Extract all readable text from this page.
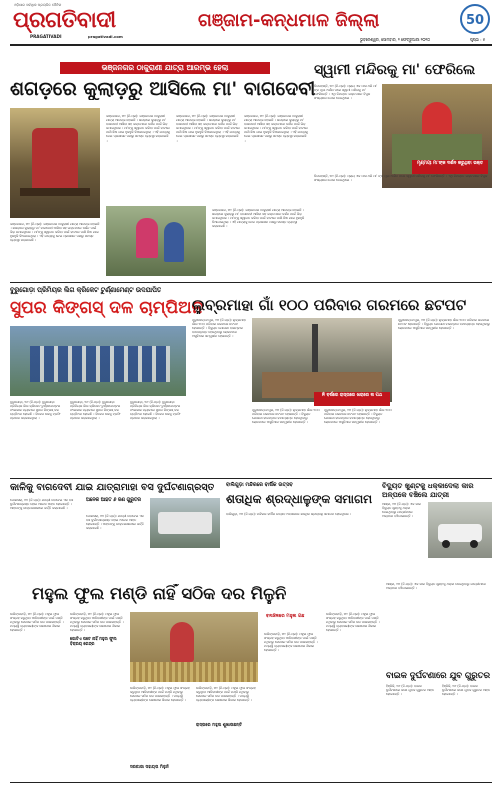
ଓଡ଼ିଶାର ସର୍ବାଧିକ ପ୍ରଚାରିତ ଦୈନିକ
ପ୍ରଗତିବାଦୀ
PRAGATIVADI	pragativadi.com
ଗଞ୍ଜାମ-କନ୍ଧମାଳ ଜିଲ୍ଲା	50
ଭୁବନେଶ୍ୱର, ସୋମବାର, ୨ ଫେବ୍ରୁଆରୀ ୨୦୨୦	ପୃଷ୍ଠା : ୫
ଭଞ୍ଜନଗର ଠାକୁରାଣୀ ଯାତ୍ରା ଆରମ୍ଭ ହେଲା
ଶଗଡ଼ରେ କୁଲାଡ଼ରୁ ଆସିଲେ ମା' ବାଗଦେବୀ
ଭଞ୍ଜନଗର, ୧ା୨ (ନି.ପ୍ର): ଭଞ୍ଜନଗର ଠାକୁରାଣୀ ଯାତ୍ରା ଆରମ୍ଭ ହୋଇଛି । ଶଗଡ଼ରେ କୁଲାଡ଼ରୁ ମା' ବାଗଦେବୀ ଆସିବା ସହ ଭକ୍ତମାନେ ଦର୍ଶନ ପାଇଁ ଭିଡ଼ ଜମାଇଥିଲେ । ମା'ଙ୍କୁ ସ୍ୱାଗତ କରିବା ପାଇଁ ବାଟରେ ପାଣି ଛିଞ୍ଚା ଯାଇ ହୁଳହୁଳି ଦିଆଯାଇଥିଲା । ଏହି ଯାତ୍ରାକୁ ନେଇ ପ୍ରଶାସନ ପକ୍ଷରୁ ସମସ୍ତ ବ୍ୟବସ୍ଥା କରାଯାଇଛି ।
ଭଞ୍ଜନଗର, ୧ା୨ (ନି.ପ୍ର): ଭଞ୍ଜନଗର ଠାକୁରାଣୀ ଯାତ୍ରା ଆରମ୍ଭ ହୋଇଛି । ଶଗଡ଼ରେ କୁଲାଡ଼ରୁ ମା' ବାଗଦେବୀ ଆସିବା ସହ ଭକ୍ତମାନେ ଦର୍ଶନ ପାଇଁ ଭିଡ଼ ଜମାଇଥିଲେ । ମା'ଙ୍କୁ ସ୍ୱାଗତ କରିବା ପାଇଁ ବାଟରେ ପାଣି ଛିଞ୍ଚା ଯାଇ ହୁଳହୁଳି ଦିଆଯାଇଥିଲା । ଏହି ଯାତ୍ରାକୁ ନେଇ ପ୍ରଶାସନ ପକ୍ଷରୁ ସମସ୍ତ ବ୍ୟବସ୍ଥା କରାଯାଇଛି ।
ଭଞ୍ଜନଗର, ୧ା୨ (ନି.ପ୍ର): ଭଞ୍ଜନଗର ଠାକୁରାଣୀ ଯାତ୍ରା ଆରମ୍ଭ ହୋଇଛି । ଶଗଡ଼ରେ କୁଲାଡ଼ରୁ ମା' ବାଗଦେବୀ ଆସିବା ସହ ଭକ୍ତମାନେ ଦର୍ଶନ ପାଇଁ ଭିଡ଼ ଜମାଇଥିଲେ । ମା'ଙ୍କୁ ସ୍ୱାଗତ କରିବା ପାଇଁ ବାଟରେ ପାଣି ଛିଞ୍ଚା ଯାଇ ହୁଳହୁଳି ଦିଆଯାଇଥିଲା । ଏହି ଯାତ୍ରାକୁ ନେଇ ପ୍ରଶାସନ ପକ୍ଷରୁ ସମସ୍ତ ବ୍ୟବସ୍ଥା କରାଯାଇଛି ।
ଭଞ୍ଜନଗର, ୧ା୨ (ନି.ପ୍ର): ଭଞ୍ଜନଗର ଠାକୁରାଣୀ ଯାତ୍ରା ଆରମ୍ଭ ହୋଇଛି । ଶଗଡ଼ରେ କୁଲାଡ଼ରୁ ମା' ବାଗଦେବୀ ଆସିବା ସହ ଭକ୍ତମାନେ ଦର୍ଶନ ପାଇଁ ଭିଡ଼ ଜମାଇଥିଲେ । ମା'ଙ୍କୁ ସ୍ୱାଗତ କରିବା ପାଇଁ ବାଟରେ ପାଣି ଛିଞ୍ଚା ଯାଇ ହୁଳହୁଳି ଦିଆଯାଇଥିଲା । ଏହି ଯାତ୍ରାକୁ ନେଇ ପ୍ରଶାସନ ପକ୍ଷରୁ ସମସ୍ତ ବ୍ୟବସ୍ଥା କରାଯାଇଛି ।
ଭଞ୍ଜନଗର, ୧ା୨ (ନି.ପ୍ର): ଭଞ୍ଜନଗର ଠାକୁରାଣୀ ଯାତ୍ରା ଆରମ୍ଭ ହୋଇଛି । ଶଗଡ଼ରେ କୁଲାଡ଼ରୁ ମା' ବାଗଦେବୀ ଆସିବା ସହ ଭକ୍ତମାନେ ଦର୍ଶନ ପାଇଁ ଭିଡ଼ ଜମାଇଥିଲେ । ମା'ଙ୍କୁ ସ୍ୱାଗତ କରିବା ପାଇଁ ବାଟରେ ପାଣି ଛିଞ୍ଚା ଯାଇ ହୁଳହୁଳି ଦିଆଯାଇଥିଲା । ଏହି ଯାତ୍ରାକୁ ନେଇ ପ୍ରଶାସନ ପକ୍ଷରୁ ସମସ୍ତ ବ୍ୟବସ୍ଥା କରାଯାଇଛି ।
ସ୍ୱାମୀ ମନ୍ଦିରକୁ ମା' ଫେରିଲେ
ଦିଗପହଣ୍ଡି, ୧ା୨ (ନି.ପ୍ର): ପ୍ରାୟ ଏକ ମାସ ଧରି ମା' ଙ୍କ ପୂଜା ଅର୍ଚ୍ଚନା ପରେ ସ୍ୱାମୀ ମନ୍ଦିରକୁ ମା' ଫେରିଛନ୍ତି । ଏଥି ନିମନ୍ତେ ଭକ୍ତମାନେ ବିପୁଳ ସଂଖ୍ୟାରେ ଯୋଗ ଦେଇଥିଲେ ।
ମୃଣ୍ମୟୀ ମା'ଙ୍କ ଦର୍ଶନ କରୁଥିବା ଭକ୍ତ
ଦିଗପହଣ୍ଡି, ୧ା୨ (ନି.ପ୍ର): ପ୍ରାୟ ଏକ ମାସ ଧରି ମା' ଙ୍କ ପୂଜା ଅର୍ଚ୍ଚନା ପରେ ସ୍ୱାମୀ ମନ୍ଦିରକୁ ମା' ଫେରିଛନ୍ତି । ଏଥି ନିମନ୍ତେ ଭକ୍ତମାନେ ବିପୁଳ ସଂଖ୍ୟାରେ ଯୋଗ ଦେଇଥିଲେ ।
ବୁରୁଗୋଡ଼ା ପ୍ରିମିୟର ଲିଗ କ୍ରିକେଟ ଟୁର୍ଣ୍ଣାମେଣ୍ଟ ଉଦଯାପିତ
ସୁପର କିଙ୍ଗସ୍ ଦଳ ଚାମ୍ପିଅନ
ବୁରୁଗୋଡ଼ା, ୧ା୨ (ନି.ପ୍ର): ବୁରୁଗୋଡ଼ା ପ୍ରିମିୟର ଲିଗ କ୍ରିକେଟ ଟୁର୍ଣ୍ଣାମେଣ୍ଟର ଫାଇନାଲ ମ୍ୟାଚରେ ସୁପର କିଙ୍ଗସ୍ ଦଳ ଚାମ୍ପିଅନ ହୋଇଛି । ବିଜେତା ଦଳକୁ ଟ୍ରଫି ପ୍ରଦାନ କରାଯାଇଥିଲା ।
ବୁରୁଗୋଡ଼ା, ୧ା୨ (ନି.ପ୍ର): ବୁରୁଗୋଡ଼ା ପ୍ରିମିୟର ଲିଗ କ୍ରିକେଟ ଟୁର୍ଣ୍ଣାମେଣ୍ଟର ଫାଇନାଲ ମ୍ୟାଚରେ ସୁପର କିଙ୍ଗସ୍ ଦଳ ଚାମ୍ପିଅନ ହୋଇଛି । ବିଜେତା ଦଳକୁ ଟ୍ରଫି ପ୍ରଦାନ କରାଯାଇଥିଲା ।
ବୁରୁଗୋଡ଼ା, ୧ା୨ (ନି.ପ୍ର): ବୁରୁଗୋଡ଼ା ପ୍ରିମିୟର ଲିଗ କ୍ରିକେଟ ଟୁର୍ଣ୍ଣାମେଣ୍ଟର ଫାଇନାଲ ମ୍ୟାଚରେ ସୁପର କିଙ୍ଗସ୍ ଦଳ ଚାମ୍ପିଅନ ହୋଇଛି । ବିଜେତା ଦଳକୁ ଟ୍ରଫି ପ୍ରଦାନ କରାଯାଇଥିଲା ।
ଲୁବ୍ରମାହା ଗାଁ ୧୦୦ ପରିବାର ଗରମରେ ଛଟପଟ
ପୁରୁଷୋତ୍ତମପୁର, ୧ା୨ (ନି.ପ୍ର): ଲୁବ୍ରମାହା ଗାଁର ୧୦୦ ପରିବାର ଗରମରେ ଛଟପଟ ହେଉଛନ୍ତି । ବିଦ୍ୟୁତ ଯୋଗାଣ ବାରମ୍ବାର ବାଧାପ୍ରାପ୍ତ ହେଉଥିବାରୁ ଲୋକମାନେ ଅସୁବିଧାର ସମ୍ମୁଖୀନ ହେଉଛନ୍ତି ।
ନି ବର୍ଷରେ ରାସ୍ତାରେ ଖରାରେ ନା ପଥ
ପୁରୁଷୋତ୍ତମପୁର, ୧ା୨ (ନି.ପ୍ର): ଲୁବ୍ରମାହା ଗାଁର ୧୦୦ ପରିବାର ଗରମରେ ଛଟପଟ ହେଉଛନ୍ତି । ବିଦ୍ୟୁତ ଯୋଗାଣ ବାରମ୍ବାର ବାଧାପ୍ରାପ୍ତ ହେଉଥିବାରୁ ଲୋକମାନେ ଅସୁବିଧାର ସମ୍ମୁଖୀନ ହେଉଛନ୍ତି ।
ପୁରୁଷୋତ୍ତମପୁର, ୧ା୨ (ନି.ପ୍ର): ଲୁବ୍ରମାହା ଗାଁର ୧୦୦ ପରିବାର ଗରମରେ ଛଟପଟ ହେଉଛନ୍ତି । ବିଦ୍ୟୁତ ଯୋଗାଣ ବାରମ୍ବାର ବାଧାପ୍ରାପ୍ତ ହେଉଥିବାରୁ ଲୋକମାନେ ଅସୁବିଧାର ସମ୍ମୁଖୀନ ହେଉଛନ୍ତି ।
ପୁରୁଷୋତ୍ତମପୁର, ୧ା୨ (ନି.ପ୍ର): ଲୁବ୍ରମାହା ଗାଁର ୧୦୦ ପରିବାର ଗରମରେ ଛଟପଟ ହେଉଛନ୍ତି । ବିଦ୍ୟୁତ ଯୋଗାଣ ବାରମ୍ବାର ବାଧାପ୍ରାପ୍ତ ହେଉଥିବାରୁ ଲୋକମାନେ ଅସୁବିଧାର ସମ୍ମୁଖୀନ ହେଉଛନ୍ତି ।
କାଳିକୁ ବାଗଦେବୀ ଯାଇ ଯାତ୍ରାମାହା ବସ ଦୁର୍ଘଟଣାଗ୍ରସ୍ତ
ପୋଲସରା, ୧ା୨ (ନି.ପ୍ର): ଯାତ୍ରୀ ବୋଝେଇ ଏକ ବସ ଦୁର୍ଘଟଣାଗ୍ରସ୍ତ ହୋଇ ଅନେକ ଆହତ ହୋଇଛନ୍ତି । ଆହତଙ୍କୁ ଡାକ୍ତରଖାନାରେ ଭର୍ତ୍ତି କରାଯାଇଛି ।
ଅନେକ ଆହତ ୬ ଜଣ ଗୁରୁତର
ପୋଲସରା, ୧ା୨ (ନି.ପ୍ର): ଯାତ୍ରୀ ବୋଝେଇ ଏକ ବସ ଦୁର୍ଘଟଣାଗ୍ରସ୍ତ ହୋଇ ଅନେକ ଆହତ ହୋଇଛନ୍ତି । ଆହତଙ୍କୁ ଡାକ୍ତରଖାନାରେ ଭର୍ତ୍ତି କରାଯାଇଛି ।
ବାଲିଗୁଡ଼ା ମନ୍ଦିରରେ ବାର୍ଷିକ ଉତ୍ସବ
ଶତାଧିକ ଶ୍ରଦ୍ଧାଳୁଙ୍କ ସମାଗମ
ବାଲିଗୁଡ଼ା, ୧ା୨ (ନି.ପ୍ର): ମନ୍ଦିରର ବାର୍ଷିକ ଉତ୍ସବ ଅବସରରେ ଶତାଧିକ ଶ୍ରଦ୍ଧାଳୁ ସମାଗମ ହୋଇଥିଲେ ।
ବିଦ୍ୟୁତ ଖୁଣ୍ଟକୁ ଧକ୍କାଦେଲା କାର ଅଳ୍ପକେ ବଞ୍ଚିଲେ ଯାତ୍ରୀ
ଆସ୍କା, ୧ା୨ (ନି.ପ୍ର): ଏକ କାର ବିଦ୍ୟୁତ ଖୁଣ୍ଟକୁ ଧକ୍କା ଦେଇଥିବାରୁ ଯାତ୍ରୀମାନେ ଅଳ୍ପକେ ବଞ୍ଚିଯାଇଛନ୍ତି ।
ମହୁଲ ଫୁଲ ମଣ୍ଡି ନାହିଁ ସଠିକ ଦର ମିଳୁନି
ଦାରିଙ୍ଗବାଡ଼ି, ୧ା୨ (ନି.ପ୍ର): ମହୁଲ ଫୁଲ ସଂଗ୍ରହ କରୁଥିବା ଆଦିବାସୀଙ୍କ ପାଇଁ ମଣ୍ଡି ନଥିବାରୁ ସେମାନେ ସଠିକ ଦର ପାଉନାହାନ୍ତି । ମଧ୍ୟସ୍ଥି ବ୍ୟବସାୟୀଙ୍କ ଶୋଷଣର ଶିକାର ହେଉଛନ୍ତି ।
ଦାରିଙ୍ଗବାଡ଼ି, ୧ା୨ (ନି.ପ୍ର): ମହୁଲ ଫୁଲ ସଂଗ୍ରହ କରୁଥିବା ଆଦିବାସୀଙ୍କ ପାଇଁ ମଣ୍ଡି ନଥିବାରୁ ସେମାନେ ସଠିକ ଦର ପାଉନାହାନ୍ତି । ମଧ୍ୟସ୍ଥି ବ୍ୟବସାୟୀଙ୍କ ଶୋଷଣର ଶିକାର ହେଉଛନ୍ତି ।
ଗୋଟିଏ ପଟେ ନାହିଁ ମହୁଲ ଫୁଲ ବିକ୍ରୟ କେନ୍ଦ୍ର
ବନାଞ୍ଚଳରେ ମହୁଲ ଗଛ
ଦାରିଙ୍ଗବାଡ଼ି, ୧ା୨ (ନି.ପ୍ର): ମହୁଲ ଫୁଲ ସଂଗ୍ରହ କରୁଥିବା ଆଦିବାସୀଙ୍କ ପାଇଁ ମଣ୍ଡି ନଥିବାରୁ ସେମାନେ ସଠିକ ଦର ପାଉନାହାନ୍ତି । ମଧ୍ୟସ୍ଥି ବ୍ୟବସାୟୀଙ୍କ ଶୋଷଣର ଶିକାର ହେଉଛନ୍ତି ।
ଦାରିଙ୍ଗବାଡ଼ି, ୧ା୨ (ନି.ପ୍ର): ମହୁଲ ଫୁଲ ସଂଗ୍ରହ କରୁଥିବା ଆଦିବାସୀଙ୍କ ପାଇଁ ମଣ୍ଡି ନଥିବାରୁ ସେମାନେ ସଠିକ ଦର ପାଉନାହାନ୍ତି । ମଧ୍ୟସ୍ଥି ବ୍ୟବସାୟୀଙ୍କ ଶୋଷଣର ଶିକାର ହେଉଛନ୍ତି ।
ରାସ୍ତାରେ ମହୁଲ ଶୁଖାଉଛନ୍ତି
ସରକାରୀ ସହାୟତା ମିଳୁନି
ଦାରିଙ୍ଗବାଡ଼ି, ୧ା୨ (ନି.ପ୍ର): ମହୁଲ ଫୁଲ ସଂଗ୍ରହ କରୁଥିବା ଆଦିବାସୀଙ୍କ ପାଇଁ ମଣ୍ଡି ନଥିବାରୁ ସେମାନେ ସଠିକ ଦର ପାଉନାହାନ୍ତି । ମଧ୍ୟସ୍ଥି ବ୍ୟବସାୟୀଙ୍କ ଶୋଷଣର ଶିକାର ହେଉଛନ୍ତି ।
ଦାରିଙ୍ଗବାଡ଼ି, ୧ା୨ (ନି.ପ୍ର): ମହୁଲ ଫୁଲ ସଂଗ୍ରହ କରୁଥିବା ଆଦିବାସୀଙ୍କ ପାଇଁ ମଣ୍ଡି ନଥିବାରୁ ସେମାନେ ସଠିକ ଦର ପାଉନାହାନ୍ତି । ମଧ୍ୟସ୍ଥି ବ୍ୟବସାୟୀଙ୍କ ଶୋଷଣର ଶିକାର ହେଉଛନ୍ତି ।
ବାଇକ ଦୁର୍ଘଟଣାରେ ଯୁବ ଗୁରୁତର
ହିଞ୍ଜିଳି, ୧ା୨ (ନି.ପ୍ର): ବାଇକ ଦୁର୍ଘଟଣାରେ ଜଣେ ଯୁବକ ଗୁରୁତର ଆହତ ହୋଇଛନ୍ତି ।
ହିଞ୍ଜିଳି, ୧ା୨ (ନି.ପ୍ର): ବାଇକ ଦୁର୍ଘଟଣାରେ ଜଣେ ଯୁବକ ଗୁରୁତର ଆହତ ହୋଇଛନ୍ତି ।
ଆସ୍କା, ୧ା୨ (ନି.ପ୍ର): ଏକ କାର ବିଦ୍ୟୁତ ଖୁଣ୍ଟକୁ ଧକ୍କା ଦେଇଥିବାରୁ ଯାତ୍ରୀମାନେ ଅଳ୍ପକେ ବଞ୍ଚିଯାଇଛନ୍ତି ।
